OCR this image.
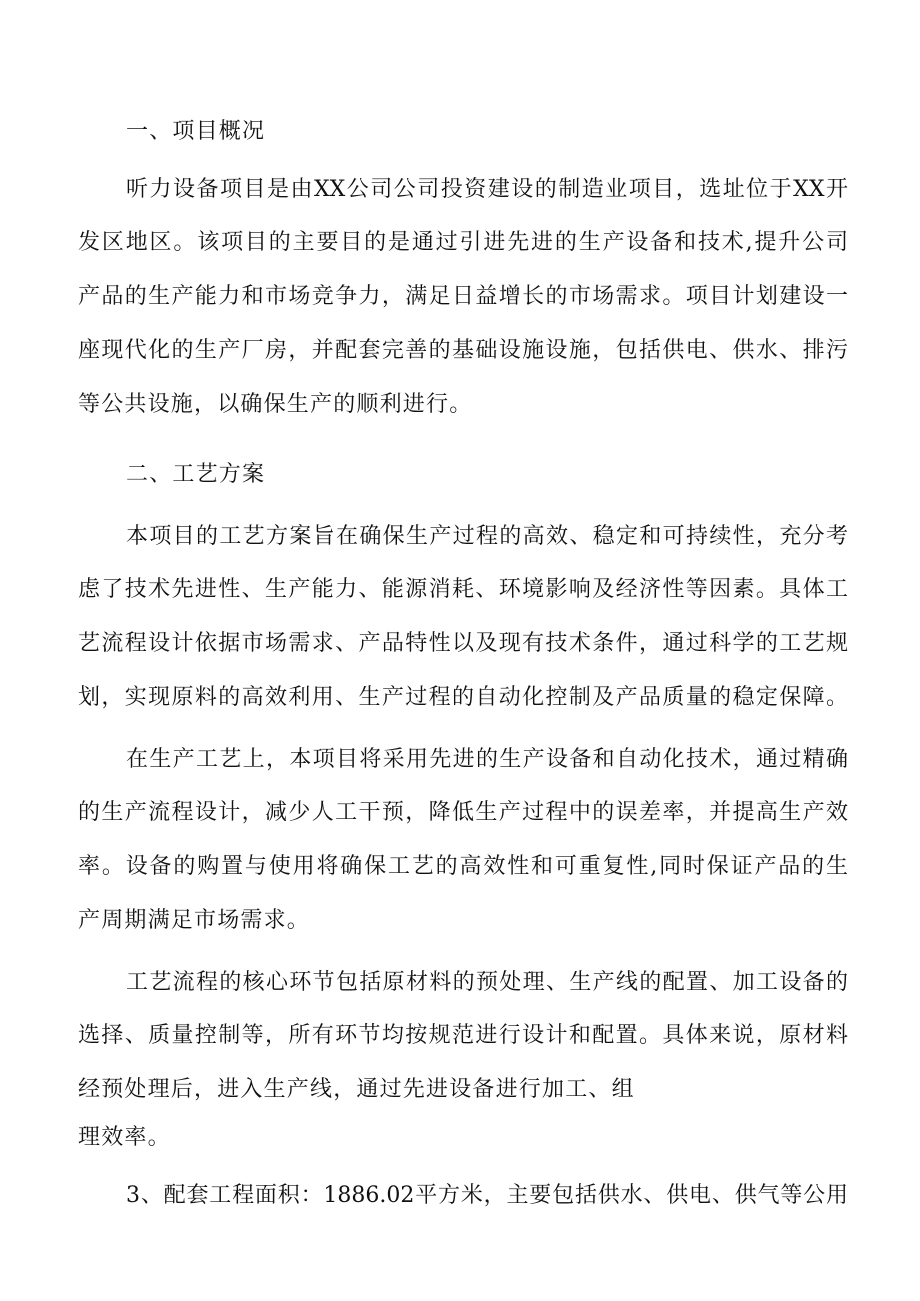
一、项目概况
听力设备项目是由XX公司公司投资建设的制造业项目，选址位于XX开
发区地区。该项目的主要目的是通过引进先进的生产设备和技术,提升公司
产品的生产能力和市场竞争力，满足日益增长的市场需求。项目计划建设一
座现代化的生产厂房，并配套完善的基础设施设施，包括供电、供水、排污
等公共设施，以确保生产的顺利进行。
二、工艺方案
本项目的工艺方案旨在确保生产过程的高效、稳定和可持续性，充分考
虑了技术先进性、生产能力、能源消耗、环境影响及经济性等因素。具体工
艺流程设计依据市场需求、产品特性以及现有技术条件，通过科学的工艺规
划，实现原料的高效利用、生产过程的自动化控制及产品质量的稳定保障。
在生产工艺上，本项目将采用先进的生产设备和自动化技术，通过精确
的生产流程设计，减少人工干预，降低生产过程中的误差率，并提高生产效
率。设备的购置与使用将确保工艺的高效性和可重复性,同时保证产品的生
产周期满足市场需求。
工艺流程的核心环节包括原材料的预处理、生产线的配置、加工设备的
选择、质量控制等，所有环节均按规范进行设计和配置。具体来说，原材料
经预处理后，进入生产线，通过先进设备进行加工、组
理效率。
3、配套工程面积：1886.02平方米，主要包括供水、供电、供气等公用
